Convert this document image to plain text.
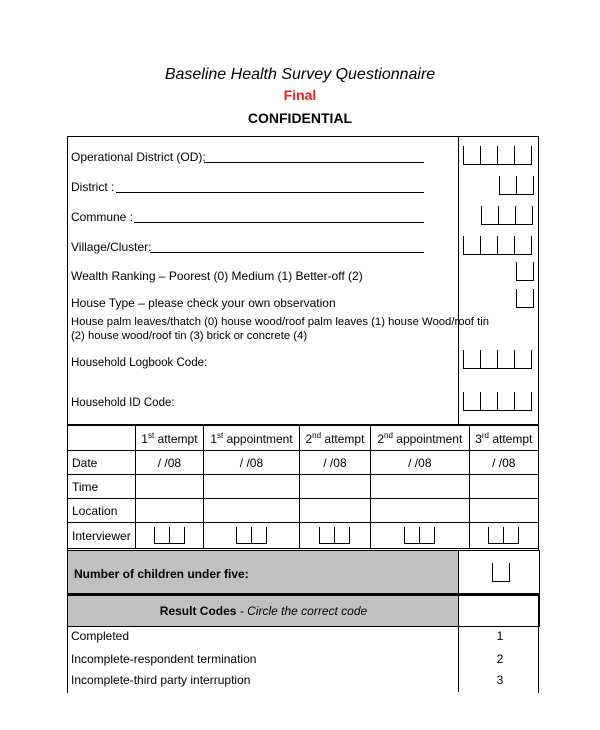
Baseline Health Survey Questionnaire
Final
CONFIDENTIAL
Operational District (OD):
District :
Commune :
Village/Cluster:
Wealth Ranking – Poorest (0) Medium (1) Better-off (2)
House Type – please check your own observation
House palm leaves/thatch (0) house wood/roof palm leaves (1) house Wood/roof tin
(2) house wood/roof tin (3) brick or concrete (4)
Household Logbook Code:
Household ID Code:
	1st attempt	1st appointment	2nd attempt	2nd appointment	3rd attempt
Date	/ /08	/ /08	/ /08	/ /08	/ /08
Time					
Location					
Interviewer	

Number of children under five:
Result Codes - Circle the correct code
Completed	1
Incomplete-respondent termination	2
Incomplete-third party interruption	3
